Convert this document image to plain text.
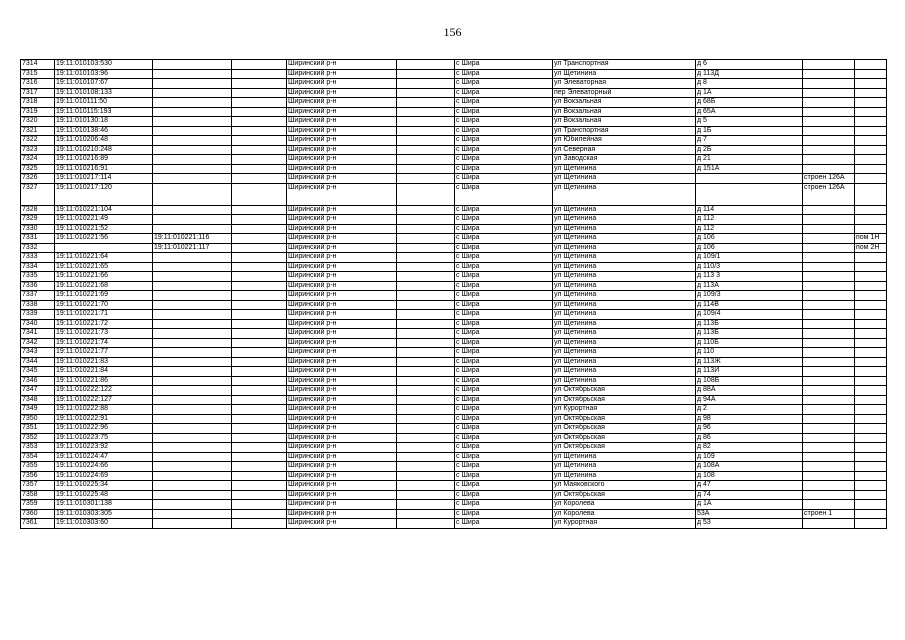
156
7314	19:11:010103:530			Ширинский р-н		с Шира	ул Транспортная	д 6		
7315	19:11:010103:96			Ширинский р-н		с Шира	ул Щетинина	д 113Д		
7316	19:11:010107:67			Ширинский р-н		с Шира	ул Элеваторная	д 8		
7317	19:11:010108:133			Ширинский р-н		с Шира	пер Элеваторный	д 1А		
7318	19:11:010111:50			Ширинский р-н		с Шира	ул Вокзальная	д 68Б		
7319	19:11:010115:193			Ширинский р-н		с Шира	ул Вокзальная	д 65А		
7320	19:11:010130:18			Ширинский р-н		с Шира	ул Вокзальная	д 5		
7321	19:11:010138:46			Ширинский р-н		с Шира	ул Транспортная	д 1Б		
7322	19:11:010206:48			Ширинский р-н		с Шира	ул Юбилейная	д 7		
7323	19:11:010210:248			Ширинский р-н		с Шира	ул Северная	д 2Б		
7324	19:11:010216:89			Ширинский р-н		с Шира	ул Заводская	д 21		
7325	19:11:010216:91			Ширинский р-н		с Шира	ул Щетинина	д 151А		
7326	19:11:010217:114			Ширинский р-н		с Шира	ул Щетинина		строен 126А	
7327	19:11:010217:120			Ширинский р-н		с Шира	ул Щетинина		строен 126А	
7328	19:11:010221:104			Ширинский р-н		с Шира	ул Щетинина	д 114		
7329	19:11:010221:49			Ширинский р-н		с Шира	ул Щетинина	д 112		
7330	19:11:010221:52			Ширинский р-н		с Шира	ул Щетинина	д 112		
7331	19:11:010221:56	19:11:010221:116		Ширинский р-н		с Шира	ул Щетинина	д 106		пом 1Н
7332		19:11:010221:117		Ширинский р-н		с Шира	ул Щетинина	д 106		пом 2Н
7333	19:11:010221:64			Ширинский р-н		с Шира	ул Щетинина	д 109/1		
7334	19:11:010221:65			Ширинский р-н		с Шира	ул Щетинина	д 110/3		
7335	19:11:010221:66			Ширинский р-н		с Шира	ул Щетинина	д 113 3		
7336	19:11:010221:68			Ширинский р-н		с Шира	ул Щетинина	д 113А		
7337	19:11:010221:69			Ширинский р-н		с Шира	ул Щетинина	д 109/3		
7338	19:11:010221:70			Ширинский р-н		с Шира	ул Щетинина	д 114В		
7339	19:11:010221:71			Ширинский р-н		с Шира	ул Щетинина	д 109/4		
7340	19:11:010221:72			Ширинский р-н		с Шира	ул Щетинина	д 113Б		
7341	19:11:010221:73			Ширинский р-н		с Шира	ул Щетинина	д 113Б		
7342	19:11:010221:74			Ширинский р-н		с Шира	ул Щетинина	д 110Б		
7343	19:11:010221:77			Ширинский р-н		с Шира	ул Щетинина	д 110		
7344	19:11:010221:83			Ширинский р-н		с Шира	ул Щетинина	д 113Ж		
7345	19:11:010221:84			Ширинский р-н		с Шира	ул Щетинина	д 113И		
7346	19:11:010221:86			Ширинский р-н		с Шира	ул Щетинина	д 108Б		
7347	19:11:010222:122			Ширинский р-н		с Шира	ул Октябрьская	д 88А		
7348	19:11:010222:127			Ширинский р-н		с Шира	ул Октябрьская	д 94А		
7349	19:11:010222:88			Ширинский р-н		с Шира	ул Курортная	д 2		
7350	19:11:010222:91			Ширинский р-н		с Шира	ул Октябрьская	д 98		
7351	19:11:010222:96			Ширинский р-н		с Шира	ул Октябрьская	д 96		
7352	19:11:010223:75			Ширинский р-н		с Шира	ул Октябрьская	д 86		
7353	19:11:010223:92			Ширинский р-н		с Шира	ул Октябрьская	д 82		
7354	19:11:010224:47			Ширинский р-н		с Шира	ул Щетинина	д 109		
7355	19:11:010224:66			Ширинский р-н		с Шира	ул Щетинина	д 108А		
7356	19:11:010224:69			Ширинский р-н		с Шира	ул Щетинина	д 108		
7357	19:11:010225:34			Ширинский р-н		с Шира	ул Маяковского	д 47		
7358	19:11:010225:48			Ширинский р-н		с Шира	ул Октябрьская	д 74		
7359	19:11:010301:138			Ширинский р-н		с Шира	ул Королева	д 1А		
7360	19:11:010303:305			Ширинский р-н		с Шира	ул Королева	53А	строен 1	
7361	19:11:010303:60			Ширинский р-н		с Шира	ул Курортная	д 53		
